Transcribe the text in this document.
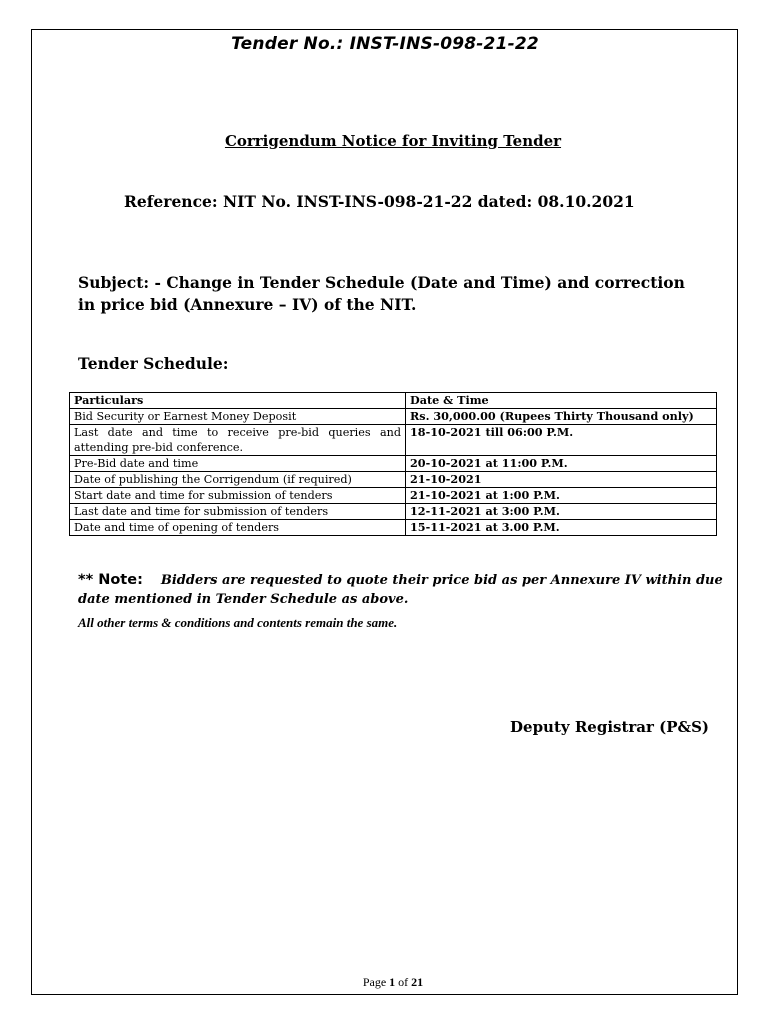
Tender No.: INST-INS-098-21-22
Corrigendum Notice for Inviting Tender
Reference: NIT No. INST-INS-098-21-22 dated: 08.10.2021
Subject: - Change in Tender Schedule (Date and Time) and correction in price bid (Annexure – IV) of the NIT.
Tender Schedule:
Particulars	Date & Time
Bid Security or Earnest Money Deposit	Rs. 30,000.00 (Rupees Thirty Thousand only)
Last date and time to receive pre-bid queries and attending pre-bid conference.	18-10-2021 till 06:00 P.M.
Pre-Bid date and time	20-10-2021 at 11:00 P.M.
Date of publishing the Corrigendum (if required)	21-10-2021
Start date and time for submission of tenders	21-10-2021 at 1:00 P.M.
Last date and time for submission of tenders	12-11-2021 at 3:00 P.M.
Date and time of opening of tenders	15-11-2021 at 3.00 P.M.
** Note: Bidders are requested to quote their price bid as per Annexure IV within due date mentioned in Tender Schedule as above.
All other terms & conditions and contents remain the same.
Deputy Registrar (P&S)
Page 1 of 21
